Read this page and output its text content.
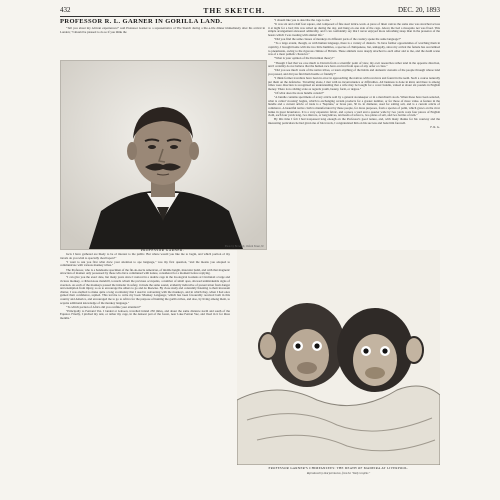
432	THE SKETCH.	DEC. 20, 1893
PROFESSOR R. L. GARNER IN GORILLA LAND.

"Tell you about my African experiences!" said Professor Garner to a representative of The Sketch during a life-a-life dinner immediately after his arrival in London; "I should be pleased to do so if you think the

Photo by Brownell, Oxford Street, W.
PROFESSOR GARNER.

"I should like you to describe the cage to me."

"It was six and a half feet square, and composed of fine steel lattice-work. A piece of linen canvas the same size was stretched across it at night for a bed; this was rolled up during the day, and hung on one side of the cage. Above the bed a mosquito net was fixed. This simple arrangement answered admirably, and I can confidently say that I never enjoyed more refreshing sleep than in the presence of the beasts which I was treating with animal life."

"Did you find the same classes of monkeys in different parts of the country spoke the same language?"

"To a large extent, though, as with human language, there is a variety of dialects. To have further opportunities of watching them in captivity, I brought home with me two little humbles, a species of chimpanzee, but, unhappily, since my arrival the female has succumbed to pneumonia, owing to the rigorous climate of Britain. These animals were deeply attached to each other and to me, and the death scene was of a most pathetic character."

"What is your opinion of the Darwinian theory?"

"Though I feel that we owe much to Darwin from a scientific point of view, my own researches rather tend in the opposite direction, and I certainly do not believe that the human race have evolved from apes of any order or class."

"Did you see much work of the native tribes, or learn anything of the habits and domestic customs of the people through whose land you passed, and did you find them hostile or friendly?"

"I think former travellers have been in error in approaching the natives with revolvers and found in the teeth. Such a course naturally put them on the defensive. Travelling alone, I met with no inconvenience or difficulties. All business is done in kind, and there is among tribes were direction is recognised an understanding that a wife may be bought for a cover bundle, valued at about six pounds in English money. There is no sliding scale as regards youth, beauty, form, or degree."

"Of what does the store bundle consist?"

"A bundle contains specimens of every article sold by a general storekeeper or in a merchant's stock. When these have been selected, what is called 'crossing' begins, which is exchanging certain products for a greater number, or for those of more value. A feature in the bundle and a current article of trade is a 'Neptune,' or brass pan, 30 in. in diameter, used for salting salt, and is a current article of commerce. A beautiful native cloth is manufactured by these people, for dress purposes, from a species of palm, which grows on the river banks in great luxuriance. It is a very expensive fabric, and a piece a yard and a quarter wide by two yards costs four pieces of English cloth, each four yards long, two mirrors, or long knives, ten heads of tobacco, two plates of salt, and two bottles of rum."

By this time I felt I had trespassed long enough on the Professor's good nature, and, with many thanks for his courtesy and the interesting particulars he had given me of his travels, I congratulated him on his success and bade him farewell.

F. R. G.

facts I have gathered are likely to be of interest to the public. But where would you like me to begin, and which portion of my travels do you wish to specially dwell upon?"

"I want to ask you first what drew your attention to ape language," was my first question, "and the means you adopted to communicate with various monkey tribes."

The Professor, who is a handsome specimen of the fin-de-siecle American, of middle height, muscular build, and with that magnetic attraction of manner only possessed by those who have communed with nature, considered for a moment before replying.

"I can give you the exact date, but many years since I noticed in a double cage in the Zoological Gardens at Cincinnati a large and vicious monkey, a ribbed-nose mandrill, towards whom the previous occupants, a number of small apes, showed unmistakable signs of aversion. As each of the monkeys passed the intruder in safety, it made the same sound, evidently indicative of preservation from danger and exemption from injury, so as to encourage the others to go and do likewise. By close study and constantly listening to their incessant chatter, I was enabled to make quite a long vocabulary that I used in conversing with the monkeys, and in which they, when I had once gained their confidence, replied. This led me to write my book 'Monkey Language,' which has been favourably received both in this country and America, and encouraged me to go to Africa for the purpose of hunting the gorilla tribes, and also, by living among them, to acquire additional knowledge of the monkey language."

"To which portion of Africa did you confine your attention?"

"Principally to Fernand Vaz. I landed at Gaboon, travelled inland 250 miles, and about the same distance north and south of the Equator. Finally, I pitched my tent, or rather my cage, in the densest part of the forest, near Lake Fernan Vaz, and lived in it for three months."

PROFESSOR GARNER'S CHIMPANZEES: THE DEATH OF MADEIRA AT LIVERPOOL.
Reproduced by kind permission, from the "Daily Graphic."
